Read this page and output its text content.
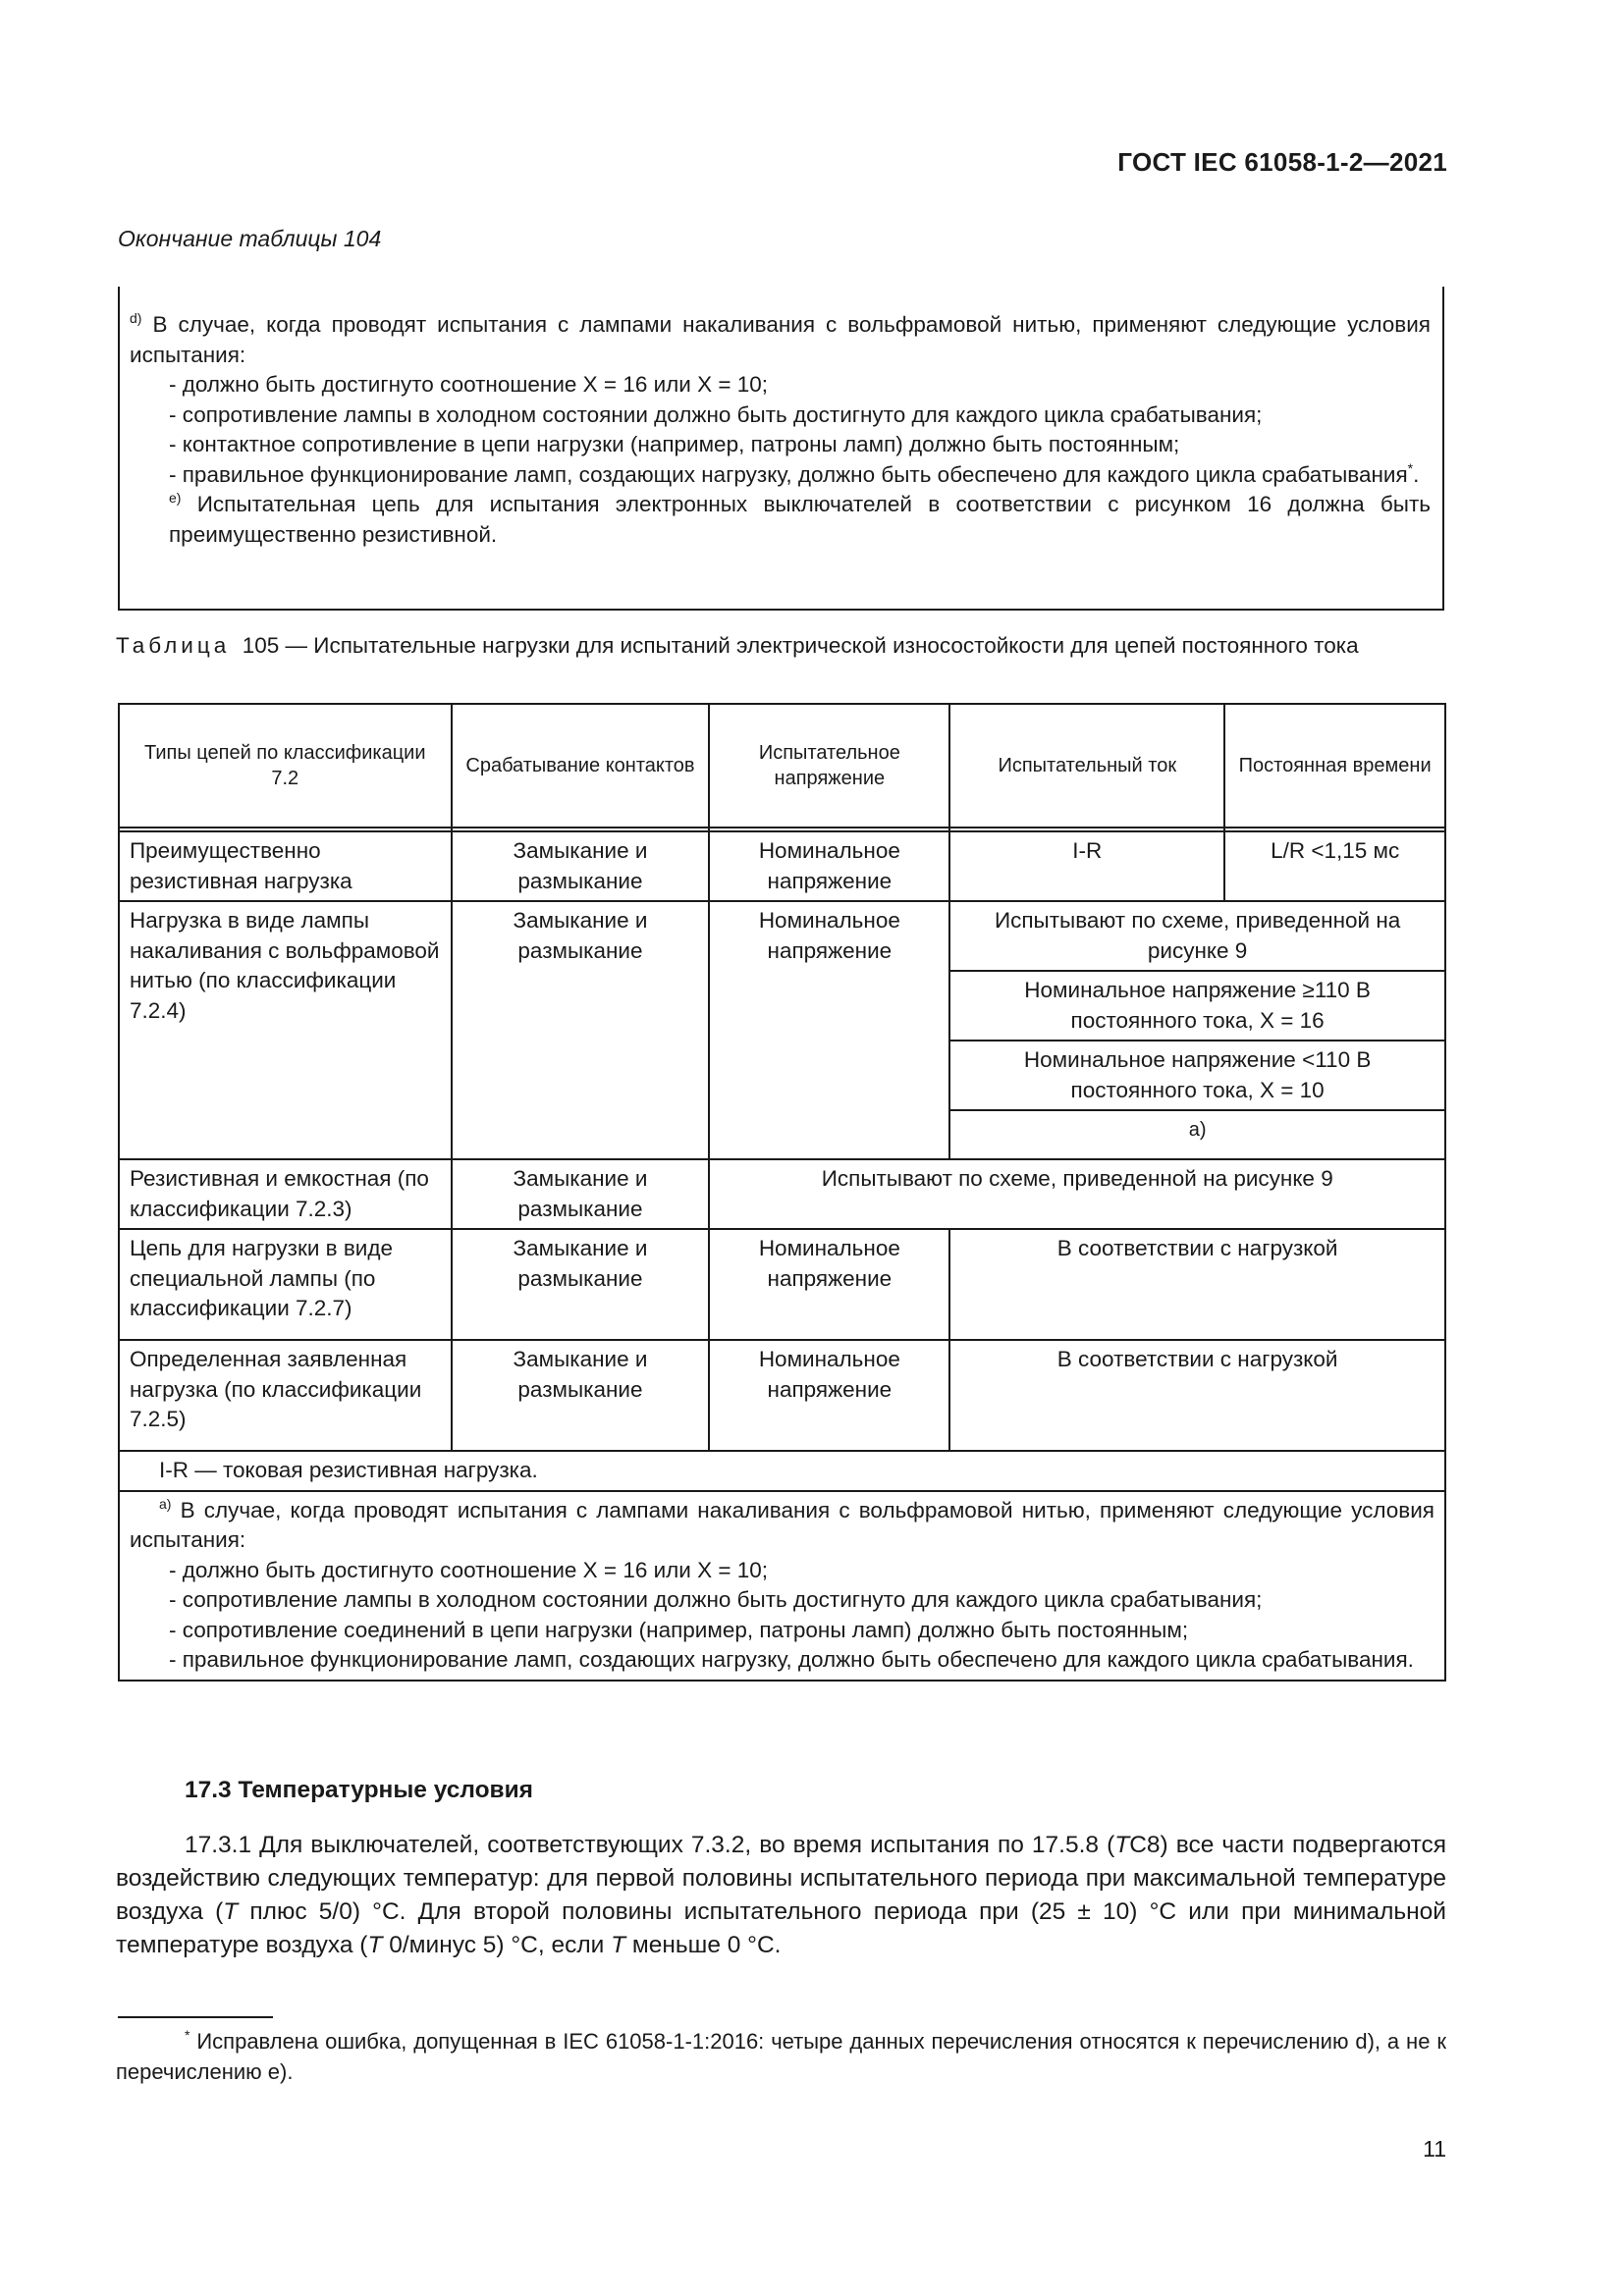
ГОСТ IEC 61058-1-2—2021
Окончание таблицы 104

$^{d)}$ В случае, когда проводят испытания с лампами накаливания с вольфрамовой нитью, применяют следующие условия испытания:

- должно быть достигнуто соотношение X = 16 или X = 10;

- сопротивление лампы в холодном состоянии должно быть достигнуто для каждого цикла срабатывания;

- контактное сопротивление в цепи нагрузки (например, патроны ламп) должно быть постоянным;

- правильное функционирование ламп, создающих нагрузку, должно быть обеспечено для каждого цикла срабатывания*.

$^{e)}$ Испытательная цепь для испытания электронных выключателей в соответствии с рисунком 16 должна быть преимущественно резистивной.

Таблица 105 — Испытательные нагрузки для испытаний электрической износостойкости для цепей постоянного тока
Типы цепей по классификации 7.2	Срабатывание контактов	Испытательное напряжение	Испытательный ток	Постоянная времени

Преимущественно резистивная нагрузка	Замыкание и размыкание	Номинальное напряжение	I-R	L/R <1,15 мс
Нагрузка в виде лампы накаливания с вольфрамовой нитью (по классификации 7.2.4)	Замыкание и размыкание	Номинальное напряжение	Испытывают по схеме, приведенной на рисунке 9	
			Номинальное напряжение ≥110 В постоянного тока, X = 16	
			Номинальное напряжение <110 В постоянного тока, X = 10	
			a)	
Резистивная и емкостная (по классификации 7.2.3)	Замыкание и размыкание	Испытывают по схеме, приведенной на рисунке 9		
Цепь для нагрузки в виде специальной лампы (по классификации 7.2.7)	Замыкание и размыкание	Номинальное напряжение	В соответствии с нагрузкой	
Определенная заявленная нагрузка (по классификации 7.2.5)	Замыкание и размыкание	Номинальное напряжение	В соответствии с нагрузкой	
I-R — токовая резистивная нагрузка.				

$^{a)}$ В случае, когда проводят испытания с лампами накаливания с вольфрамовой нитью, применяют следующие условия испытания:

- должно быть достигнуто соотношение X = 16 или X = 10;

- сопротивление лампы в холодном состоянии должно быть достигнуто для каждого цикла срабатывания;

- сопротивление соединений в цепи нагрузки (например, патроны ламп) должно быть постоянным;

- правильное функционирование ламп, создающих нагрузку, должно быть обеспечено для каждого цикла срабатывания.				

17.3 Температурные условия

17.3.1 Для выключателей, соответствующих 7.3.2, во время испытания по 17.5.8 (TC8) все части подвергаются воздействию следующих температур: для первой половины испытательного периода при максимальной температуре воздуха (T плюс 5/0) °С. Для второй половины испытательного периода при (25 ± 10) °С или при минимальной температуре воздуха (T 0/минус 5) °С, если T меньше 0 °С.

* Исправлена ошибка, допущенная в IEC 61058-1-1:2016: четыре данных перечисления относятся к перечислению d), а не к перечислению e).

11
